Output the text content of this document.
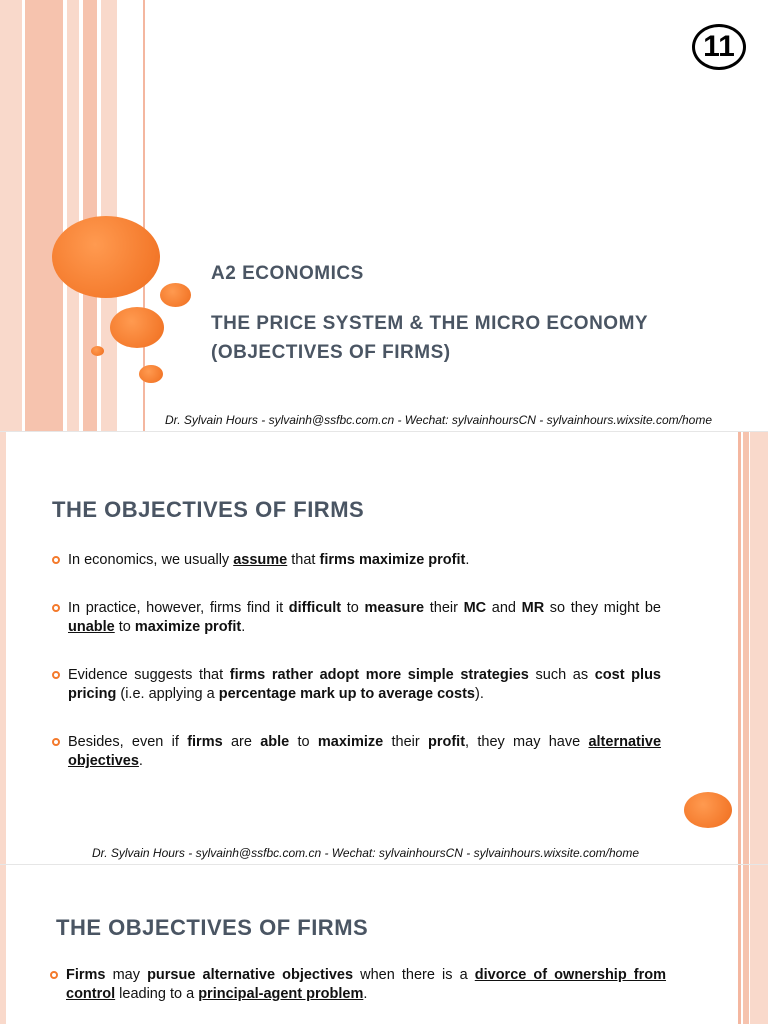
11
A2 ECONOMICS
THE PRICE SYSTEM & THE MICRO ECONOMY
(OBJECTIVES OF FIRMS)
Dr. Sylvain Hours - sylvainh@ssfbc.com.cn - Wechat: sylvainhoursCN - sylvainhours.wixsite.com/home
THE OBJECTIVES OF FIRMS
In economics, we usually assume that firms maximize profit.
In practice, however, firms find it difficult to measure their MC and MR so they might be unable to maximize profit.
Evidence suggests that firms rather adopt more simple strategies such as cost plus pricing (i.e. applying a percentage mark up to average costs).
Besides, even if firms are able to maximize their profit, they may have alternative objectives.
Dr. Sylvain Hours - sylvainh@ssfbc.com.cn - Wechat: sylvainhoursCN - sylvainhours.wixsite.com/home
THE OBJECTIVES OF FIRMS
Firms may pursue alternative objectives when there is a divorce of ownership from control leading to a principal-agent problem.
